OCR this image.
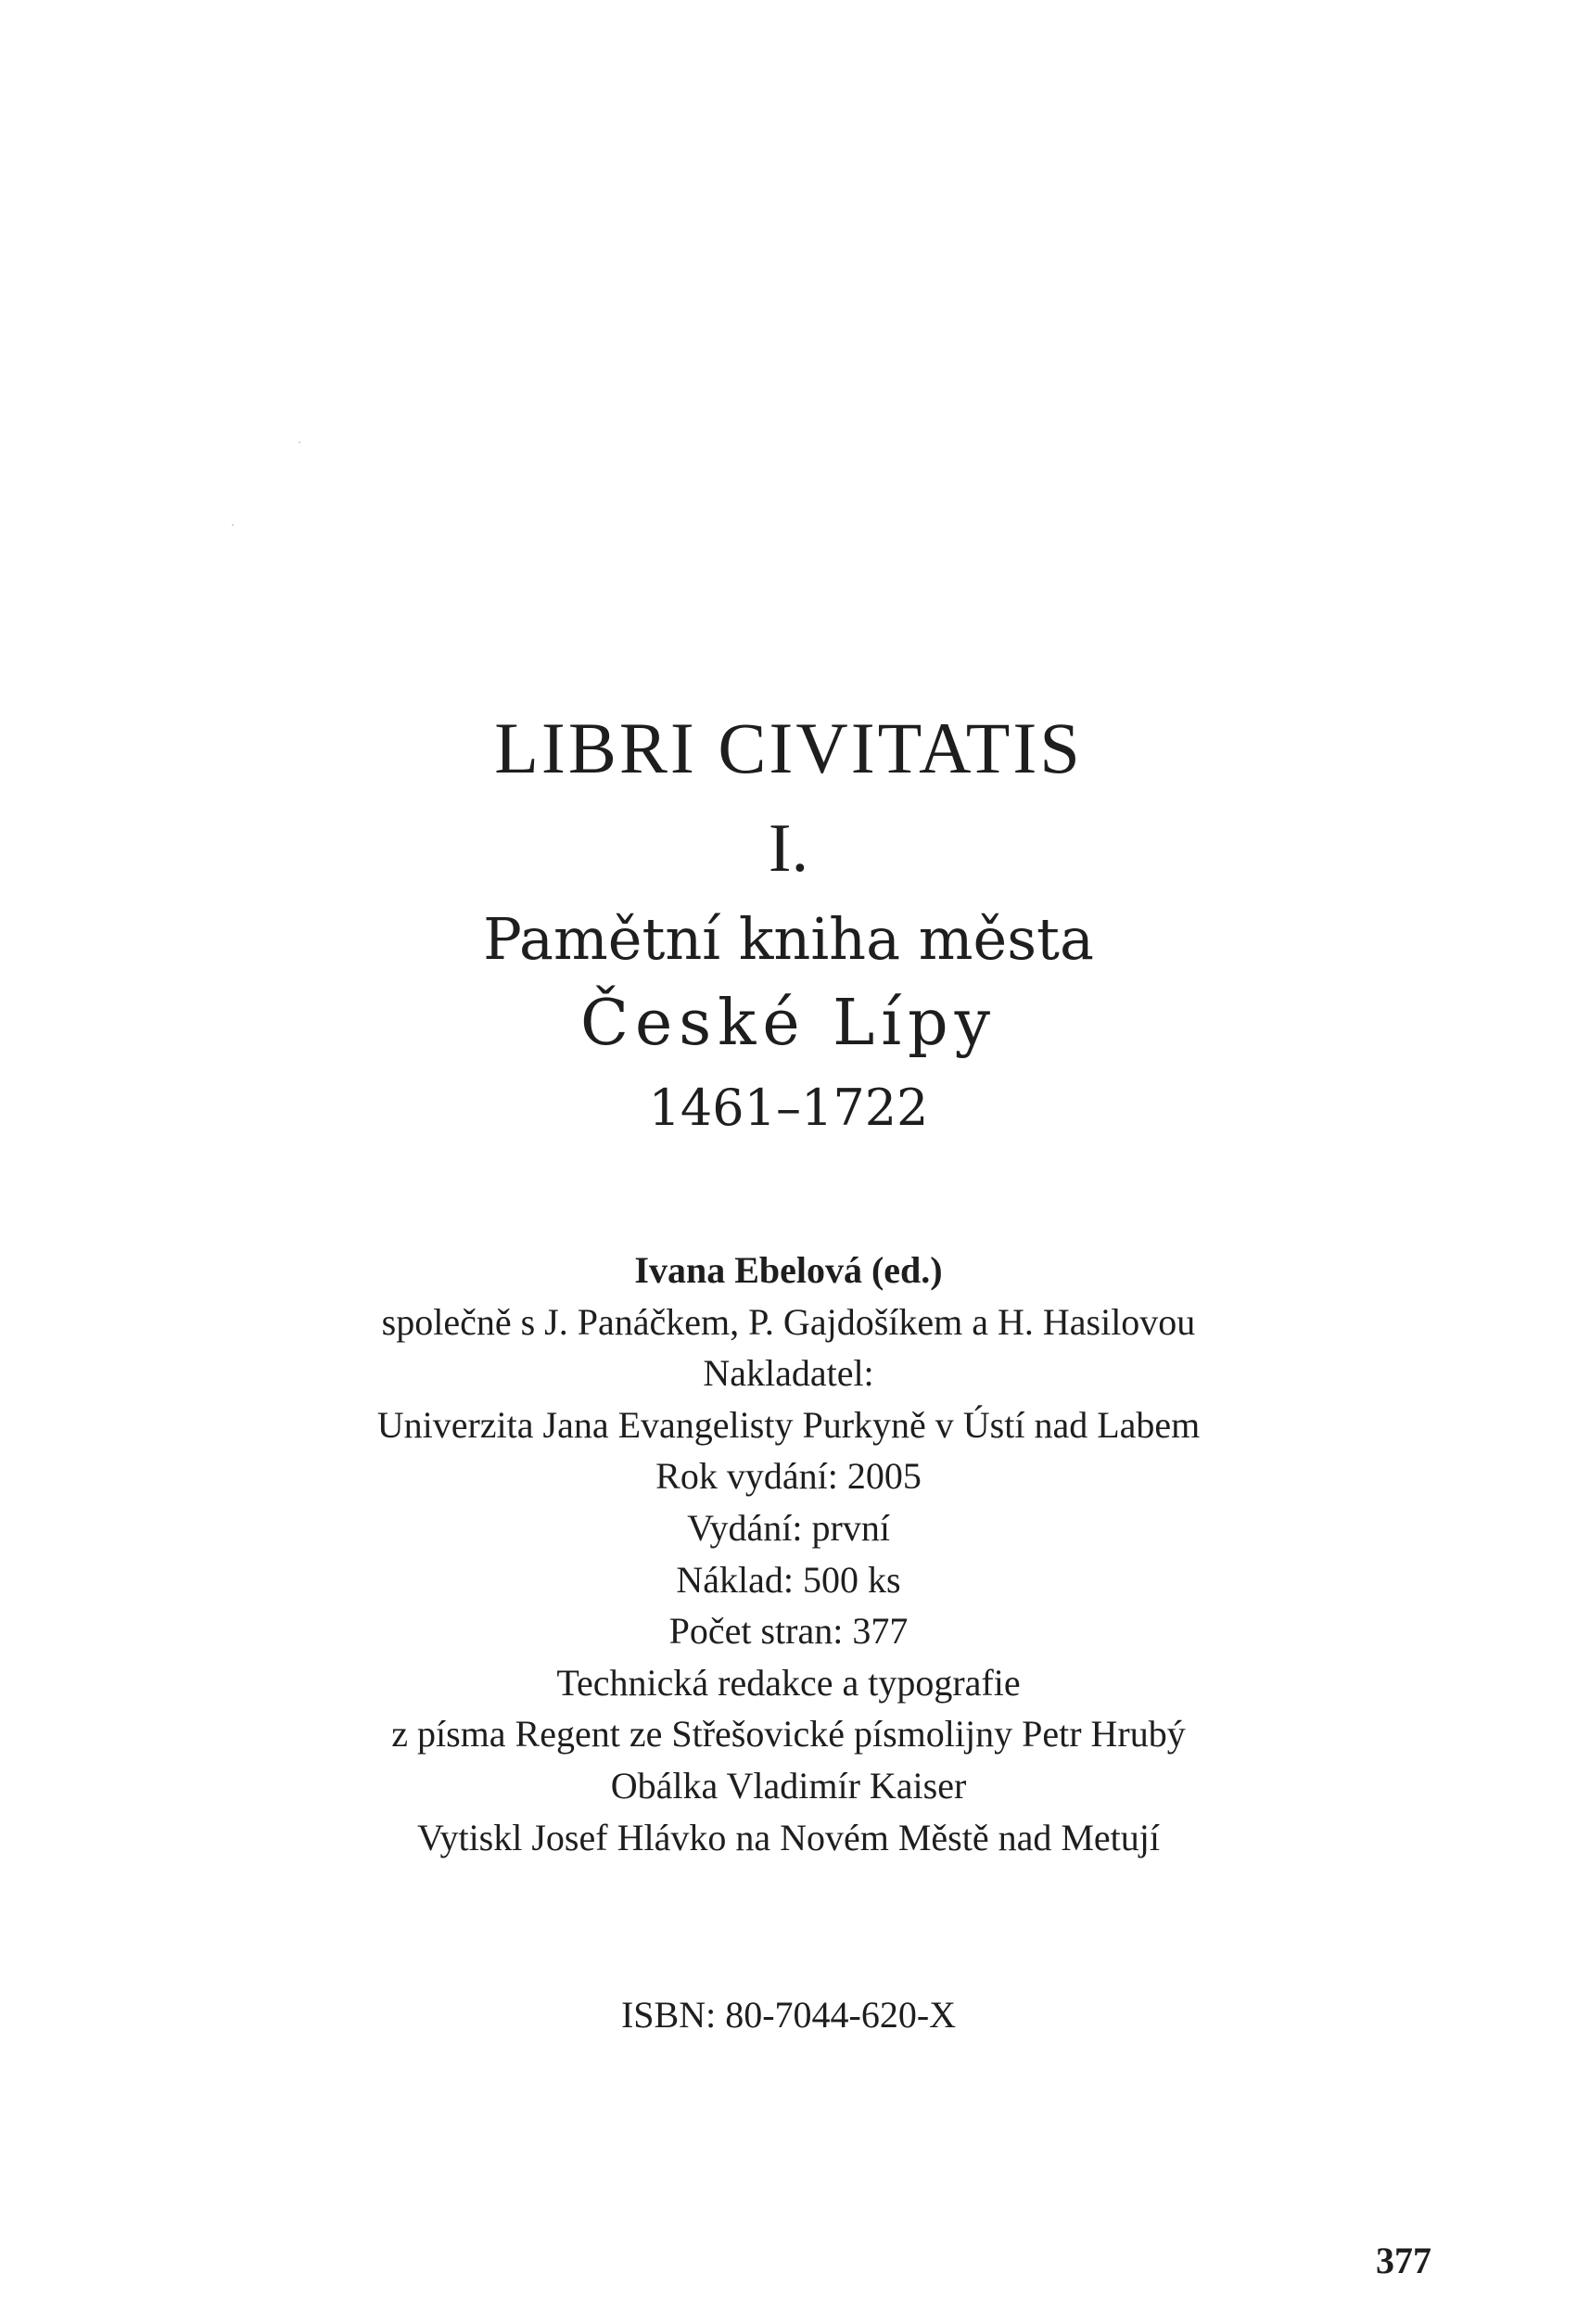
LIBRI CIVITATIS
I.
Pamětní kniha města
České Lípy
1461–1722
Ivana Ebelová (ed.)
společně s J. Panáčkem, P. Gajdošíkem a H. Hasilovou
Nakladatel:
Univerzita Jana Evangelisty Purkyně v Ústí nad Labem
Rok vydání: 2005
Vydání: první
Náklad: 500 ks
Počet stran: 377
Technická redakce a typografie
z písma Regent ze Střešovické písmolijny Petr Hrubý
Obálka Vladimír Kaiser
Vytiskl Josef Hlávko na Novém Městě nad Metují
ISBN: 80-7044-620-X
377
